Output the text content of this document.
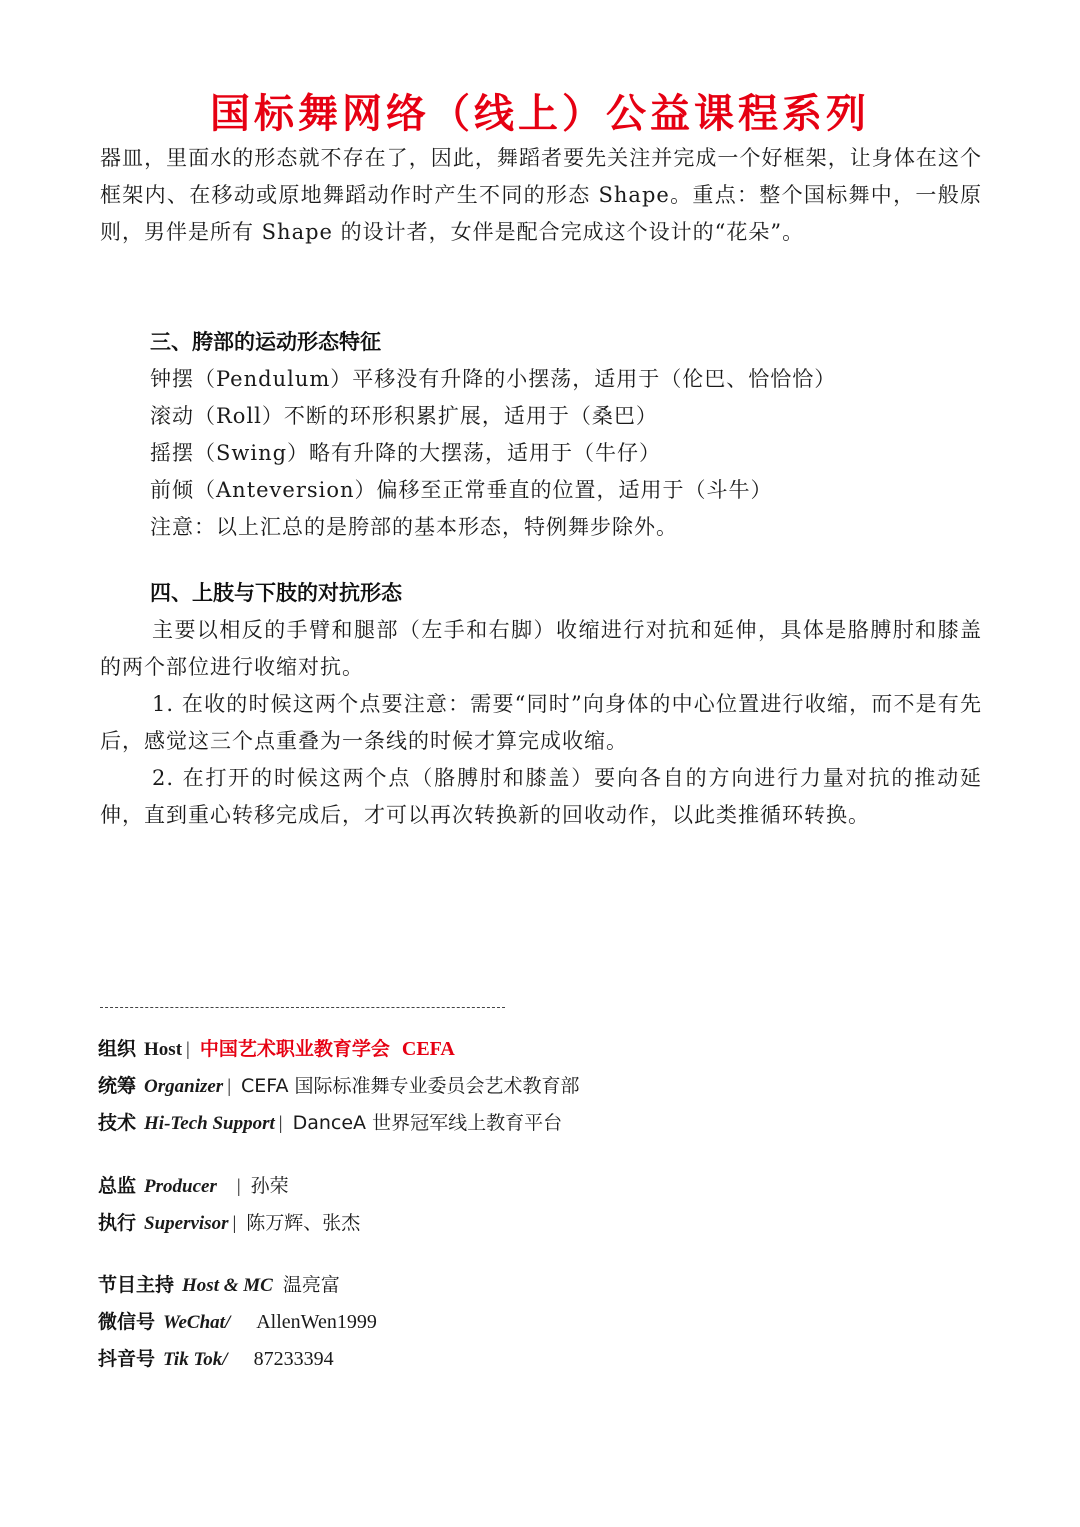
国标舞网络（线上）公益课程系列

器皿，里面水的形态就不存在了，因此，舞蹈者要先关注并完成一个好框架，让身体在这个框架内、在移动或原地舞蹈动作时产生不同的形态 Shape。重点：整个国标舞中，一般原则，男伴是所有 Shape 的设计者，女伴是配合完成这个设计的“花朵”。

三、胯部的运动形态特征
钟摆（Pendulum）平移没有升降的小摆荡，适用于（伦巴、恰恰恰）
滚动（Roll）不断的环形积累扩展，适用于（桑巴）
摇摆（Swing）略有升降的大摆荡，适用于（牛仔）
前倾（Anteversion）偏移至正常垂直的位置，适用于（斗牛）
注意：以上汇总的是胯部的基本形态，特例舞步除外。
四、上肢与下肢的对抗形态

主要以相反的手臂和腿部（左手和右脚）收缩进行对抗和延伸，具体是胳膊肘和膝盖的两个部位进行收缩对抗。

1. 在收的时候这两个点要注意：需要“同时”向身体的中心位置进行收缩，而不是有先后，感觉这三个点重叠为一条线的时候才算完成收缩。

2. 在打开的时候这两个点（胳膊肘和膝盖）要向各自的方向进行力量对抗的推动延伸，直到重心转移完成后，才可以再次转换新的回收动作，以此类推循环转换。

组织 Host | 中国艺术职业教育学会 CEFA
统筹 Organizer | CEFA 国际标准舞专业委员会艺术教育部
技术 Hi-Tech Support | DanceA 世界冠军线上教育平台
总监 Producer | 孙荣
执行 Supervisor | 陈万辉、张杰
节目主持 Host & MC 温亮富
微信号 WeChat/ AllenWen1999
抖音号 Tik Tok/ 87233394
